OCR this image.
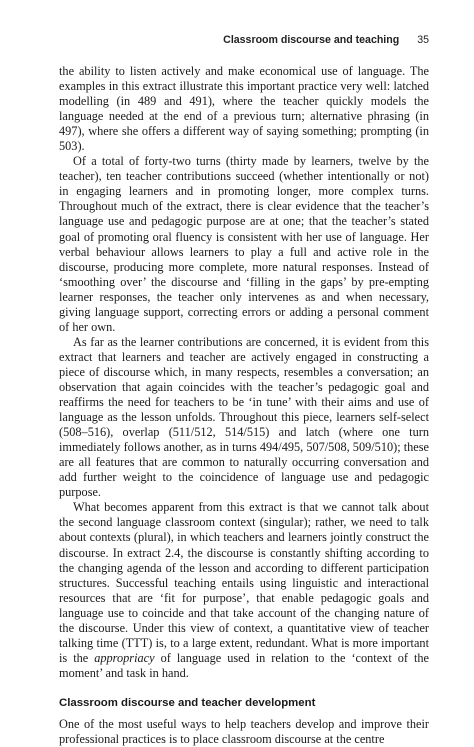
Classroom discourse and teaching 35

the ability to listen actively and make economical use of language. The examples in this extract illustrate this important practice very well: latched modelling (in 489 and 491), where the teacher quickly models the language needed at the end of a previous turn; alternative phrasing (in 497), where she offers a different way of saying something; prompting (in 503).

Of a total of forty-two turns (thirty made by learners, twelve by the teacher), ten teacher contributions succeed (whether intentionally or not) in engaging learners and in promoting longer, more complex turns. Throughout much of the extract, there is clear evidence that the teacher’s language use and pedagogic purpose are at one; that the teacher’s stated goal of promoting oral fluency is consistent with her use of language. Her verbal behaviour allows learners to play a full and active role in the discourse, producing more complete, more natural responses. Instead of ‘smoothing over’ the discourse and ‘filling in the gaps’ by pre-empting learner responses, the teacher only intervenes as and when necessary, giving language support, correcting errors or adding a personal comment of her own.

As far as the learner contributions are concerned, it is evident from this extract that learners and teacher are actively engaged in constructing a piece of discourse which, in many respects, resembles a conversation; an observation that again coincides with the teacher’s pedagogic goal and reaffirms the need for teachers to be ‘in tune’ with their aims and use of language as the lesson unfolds. Throughout this piece, learners self-select (508–516), overlap (511/512, 514/515) and latch (where one turn immediately follows another, as in turns 494/495, 507/508, 509/510); these are all features that are common to naturally occurring conversation and add further weight to the coincidence of language use and pedagogic purpose.

What becomes apparent from this extract is that we cannot talk about the second language classroom context (singular); rather, we need to talk about contexts (plural), in which teachers and learners jointly construct the discourse. In extract 2.4, the discourse is constantly shifting according to the changing agenda of the lesson and according to different participation structures. Successful teaching entails using linguistic and interactional resources that are ‘fit for purpose’, that enable pedagogic goals and language use to coincide and that take account of the changing nature of the discourse. Under this view of context, a quantitative view of teacher talking time (TTT) is, to a large extent, redundant. What is more important is the appropriacy of language used in relation to the ‘context of the moment’ and task in hand.

Classroom discourse and teacher development

One of the most useful ways to help teachers develop and improve their professional practices is to place classroom discourse at the centre
